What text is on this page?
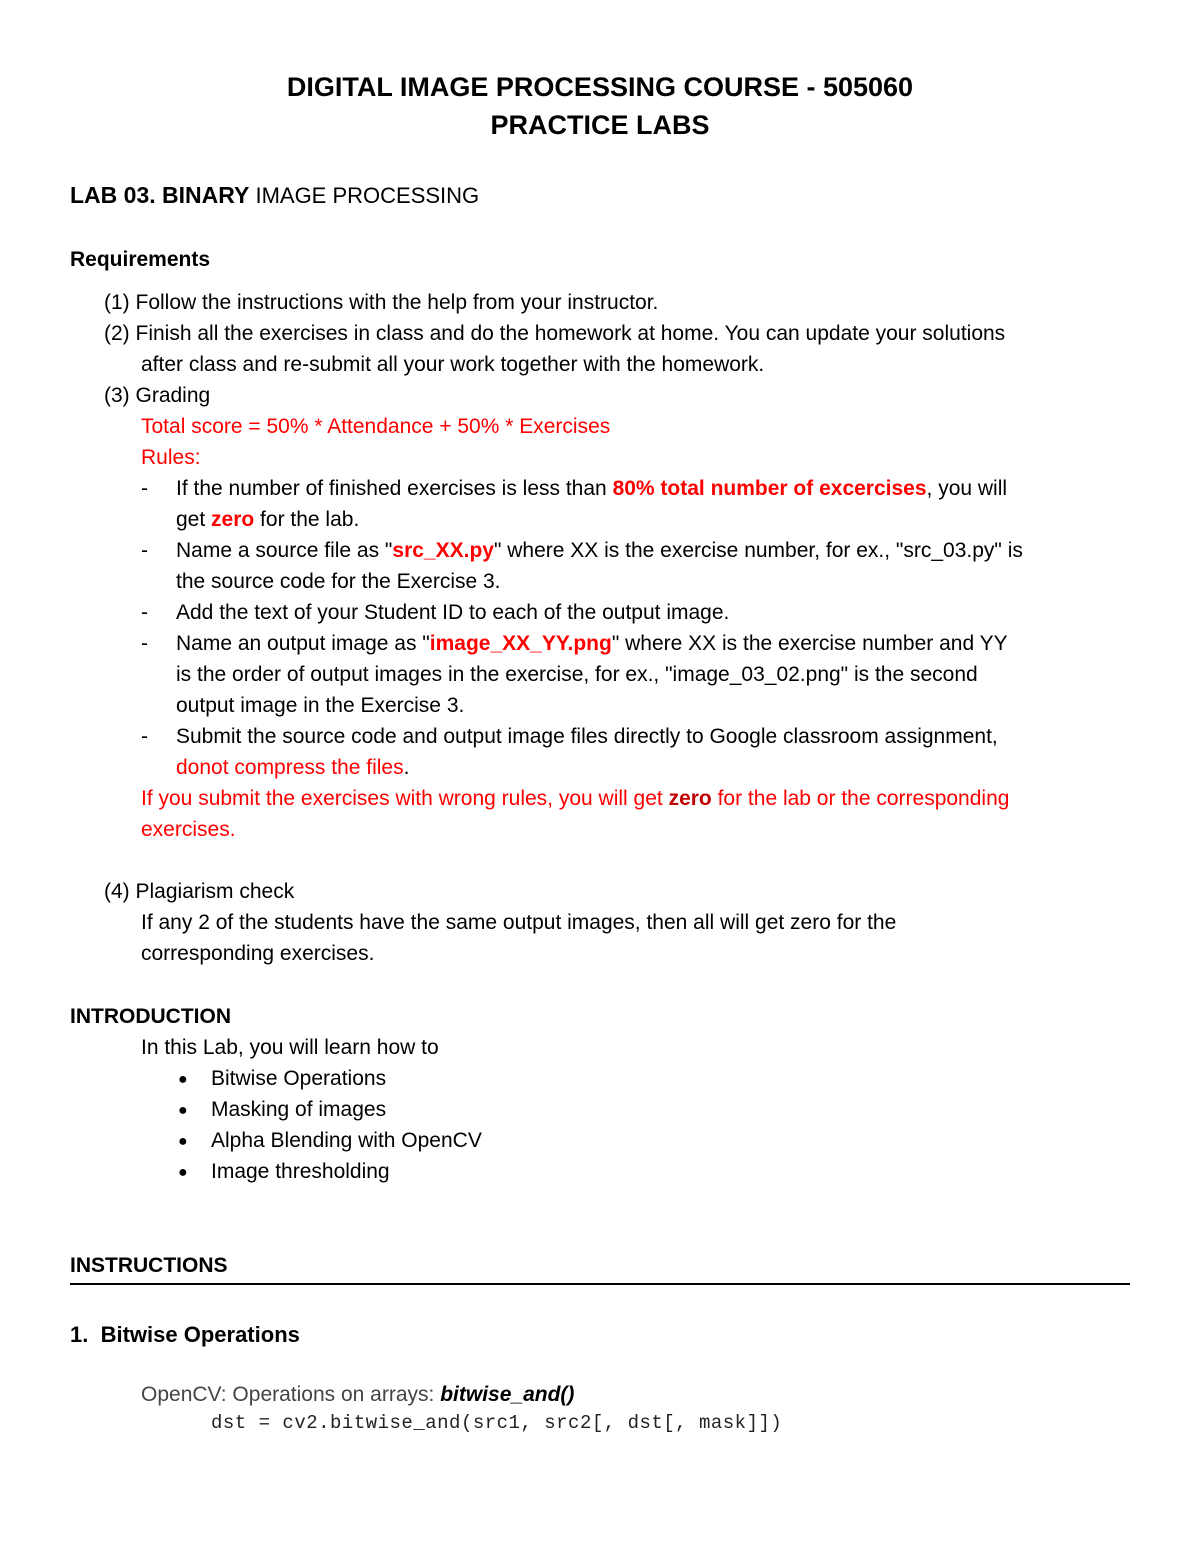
DIGITAL IMAGE PROCESSING COURSE - 505060
PRACTICE LABS
LAB 03. BINARY IMAGE PROCESSING
Requirements
(1) Follow the instructions with the help from your instructor.
(2) Finish all the exercises in class and do the homework at home. You can update your solutions
after class and re-submit all your work together with the homework.
(3) Grading
Total score = 50% * Attendance + 50% * Exercises
Rules:
- If the number of finished exercises is less than 80% total number of excercises, you will
get zero for the lab.
- Name a source file as "src_XX.py" where XX is the exercise number, for ex., "src_03.py" is
the source code for the Exercise 3.
- Add the text of your Student ID to each of the output image.
- Name an output image as "image_XX_YY.png" where XX is the exercise number and YY
is the order of output images in the exercise, for ex., "image_03_02.png" is the second
output image in the Exercise 3.
- Submit the source code and output image files directly to Google classroom assignment,
donot compress the files.
If you submit the exercises with wrong rules, you will get zero for the lab or the corresponding
exercises.
(4) Plagiarism check
If any 2 of the students have the same output images, then all will get zero for the
corresponding exercises.
INTRODUCTION
In this Lab, you will learn how to
● Bitwise Operations
● Masking of images
● Alpha Blending with OpenCV
● Image thresholding
INSTRUCTIONS
1. Bitwise Operations
OpenCV: Operations on arrays: bitwise_and()
dst = cv2.bitwise_and(src1, src2[, dst[, mask]])
